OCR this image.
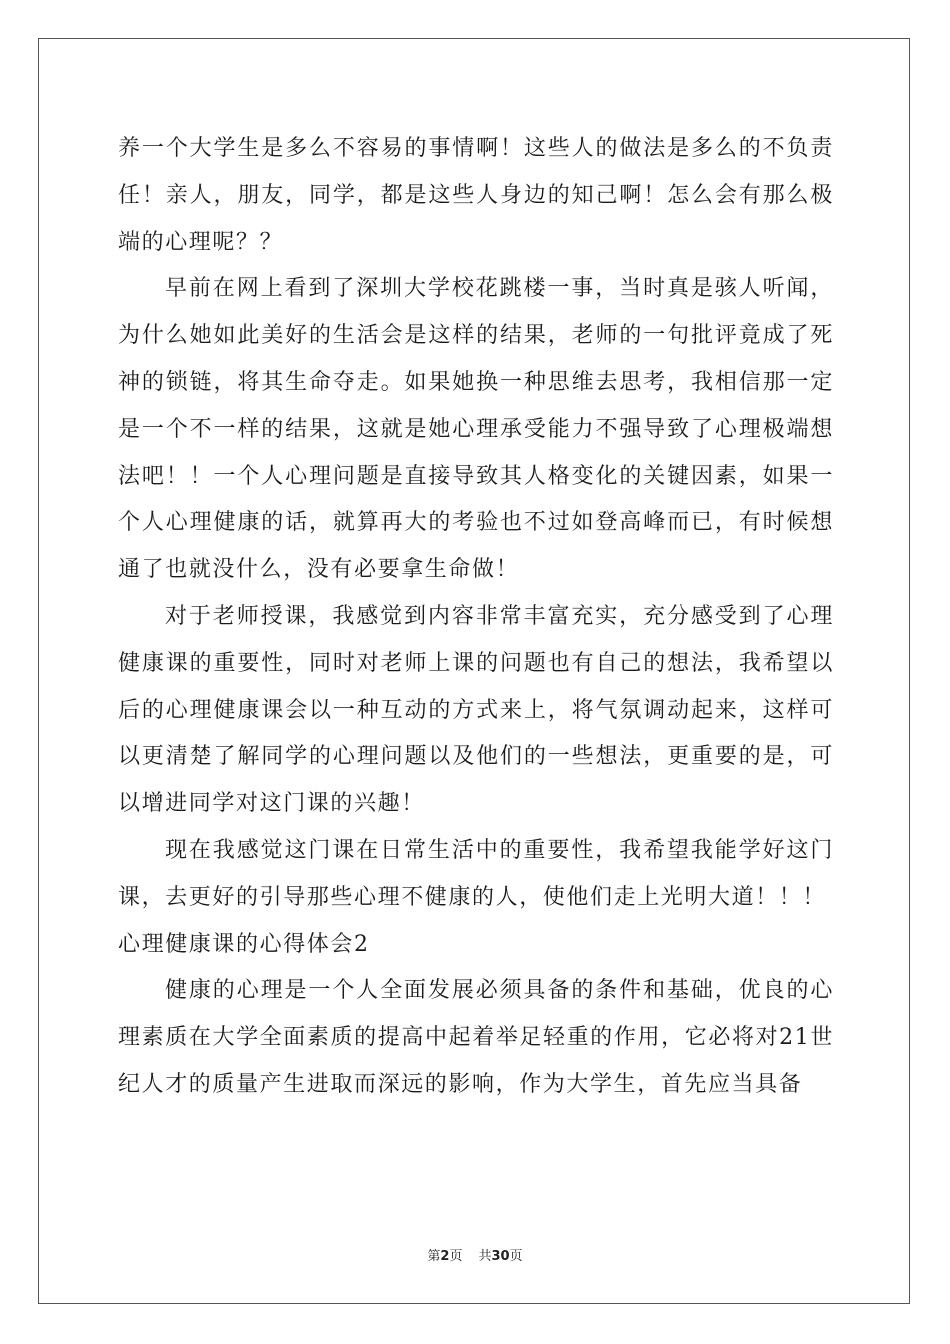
养一个大学生是多么不容易的事情啊！这些人的做法是多么的不负责任！亲人，朋友，同学，都是这些人身边的知己啊！怎么会有那么极端的心理呢？？

早前在网上看到了深圳大学校花跳楼一事，当时真是骇人听闻，为什么她如此美好的生活会是这样的结果，老师的一句批评竟成了死神的锁链，将其生命夺走。如果她换一种思维去思考，我相信那一定是一个不一样的结果，这就是她心理承受能力不强导致了心理极端想法吧！！一个人心理问题是直接导致其人格变化的关键因素，如果一个人心理健康的话，就算再大的考验也不过如登高峰而已，有时候想通了也就没什么，没有必要拿生命做！

对于老师授课，我感觉到内容非常丰富充实，充分感受到了心理健康课的重要性，同时对老师上课的问题也有自己的想法，我希望以后的心理健康课会以一种互动的方式来上，将气氛调动起来，这样可以更清楚了解同学的心理问题以及他们的一些想法，更重要的是，可以增进同学对这门课的兴趣！

现在我感觉这门课在日常生活中的重要性，我希望我能学好这门课，去更好的引导那些心理不健康的人，使他们走上光明大道！！！

心理健康课的心得体会2

健康的心理是一个人全面发展必须具备的条件和基础，优良的心理素质在大学全面素质的提高中起着举足轻重的作用，它必将对21世纪人才的质量产生进取而深远的影响，作为大学生，首先应当具备

第2页 共30页
